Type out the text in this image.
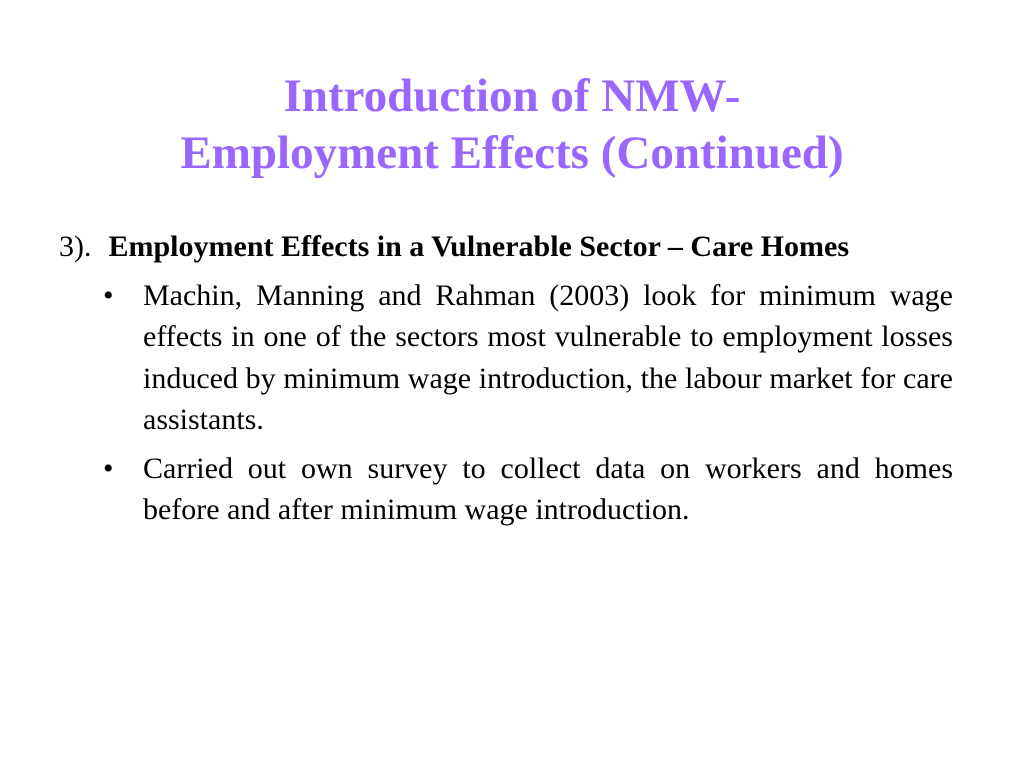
Introduction of NMW-
Employment Effects (Continued)

3). Employment Effects in a Vulnerable Sector – Care Homes

• Machin, Manning and Rahman (2003) look for minimum wage effects in one of the sectors most vulnerable to employment losses induced by minimum wage introduction, the labour market for care assistants.

• Carried out own survey to collect data on workers and homes before and after minimum wage introduction.
